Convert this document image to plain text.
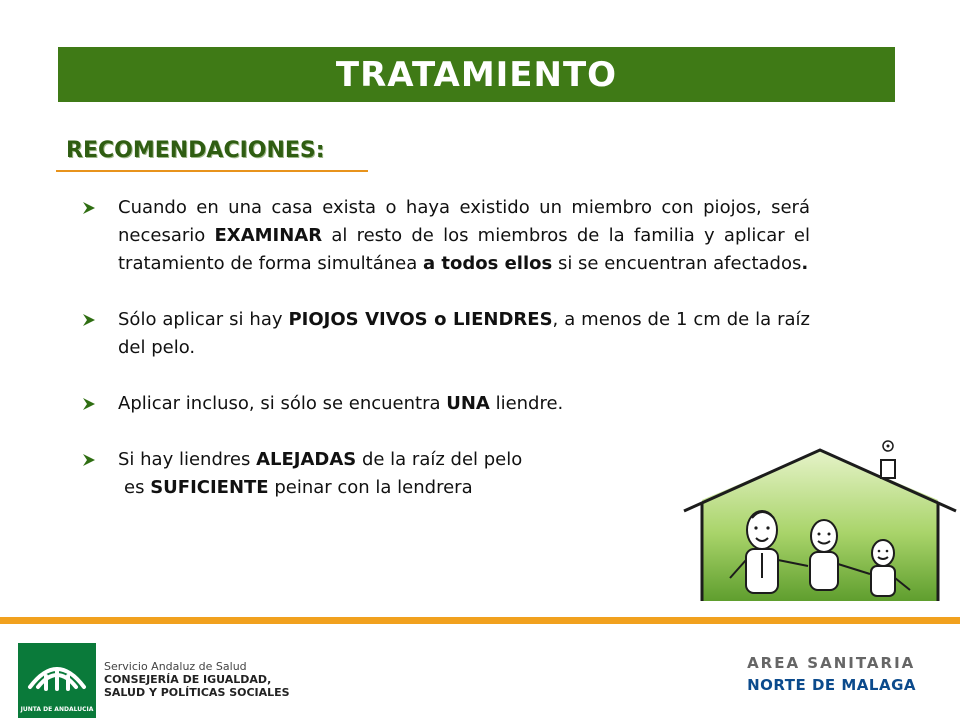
TRATAMIENTO
RECOMENDACIONES:
Cuando en una casa exista o haya existido un miembro con piojos, será necesario EXAMINAR al resto de los miembros de la familia y aplicar el tratamiento de forma simultánea a todos ellos si se encuentran afectados.
Sólo aplicar si hay PIOJOS VIVOS o LIENDRES, a menos de 1 cm de la raíz del pelo.
Aplicar incluso, si sólo se encuentra UNA liendre.
Si hay liendres ALEJADAS de la raíz del pelo
es SUFICIENTE peinar con la lendrera
JUNTA DE ANDALUCIA
Servicio Andaluz de Salud
CONSEJERÍA DE IGUALDAD,
SALUD Y POLÍTICAS SOCIALES
AREA SANITARIA
NORTE DE MALAGA
